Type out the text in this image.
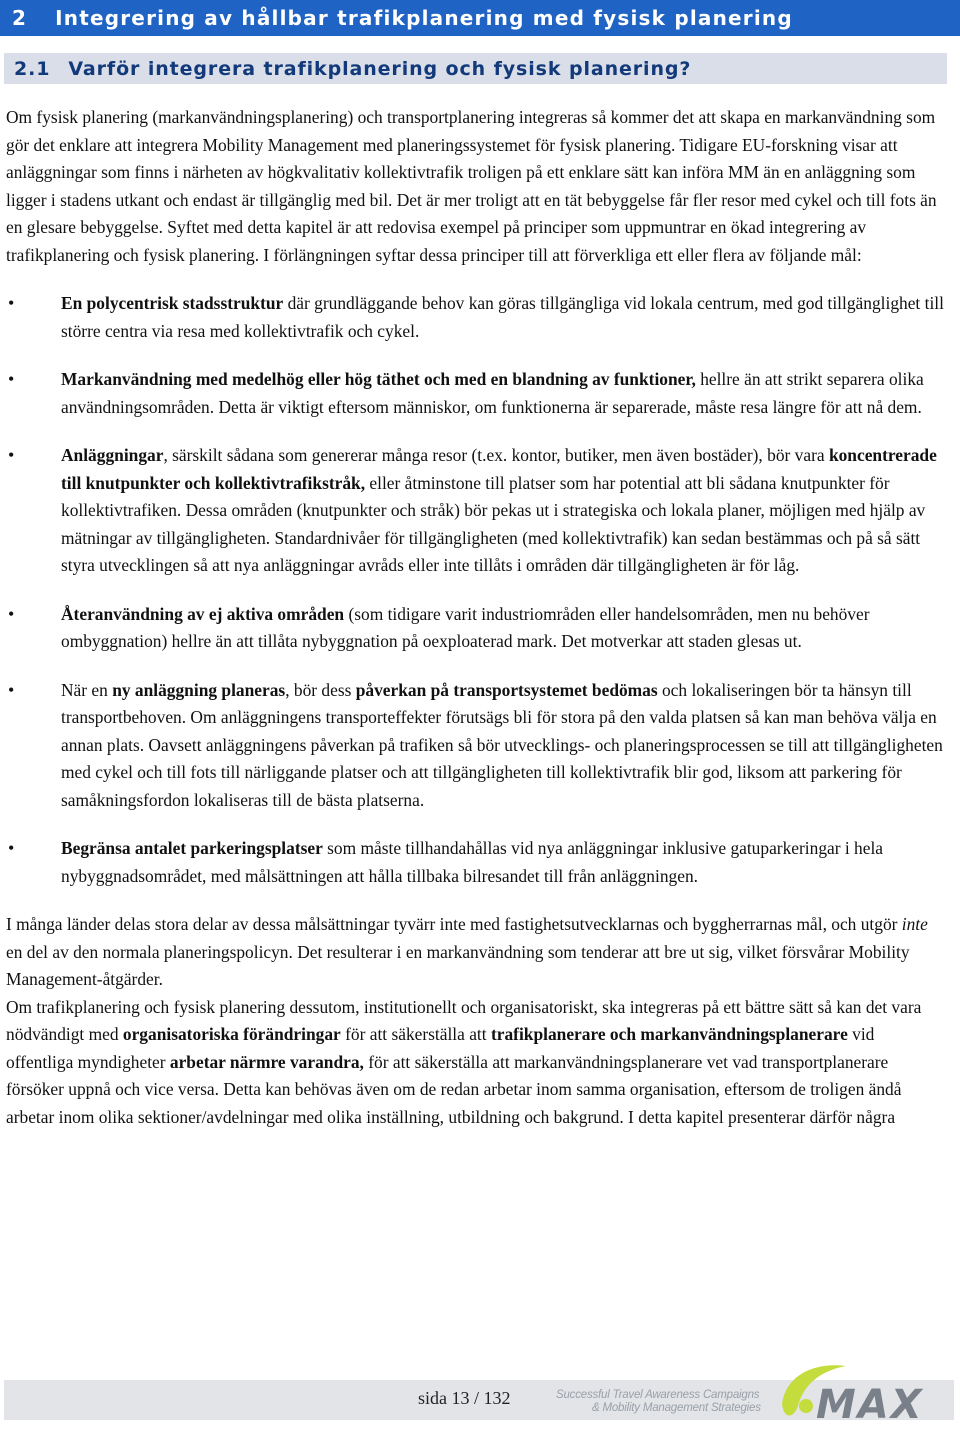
2 Integrering av hållbar trafikplanering med fysisk planering
2.1 Varför integrera trafikplanering och fysisk planering?

Om fysisk planering (markanvändningsplanering) och transportplanering integreras så kommer det att skapa en markanvändning som gör det enklare att integrera Mobility Management med planeringssystemet för fysisk planering. Tidigare EU-forskning visar att anläggningar som finns i närheten av högkvalitativ kollektivtrafik troligen på ett enklare sätt kan införa MM än en anläggning som ligger i stadens utkant och endast är tillgänglig med bil. Det är mer troligt att en tät bebyggelse får fler resor med cykel och till fots än en glesare bebyggelse. Syftet med detta kapitel är att redovisa exempel på principer som uppmuntrar en ökad integrering av trafikplanering och fysisk planering. I förlängningen syftar dessa principer till att förverkliga ett eller flera av följande mål:

•	En polycentrisk stadsstruktur där grundläggande behov kan göras tillgängliga vid lokala centrum, med god tillgänglighet till större centra via resa med kollektivtrafik och cykel.
•	Markanvändning med medelhög eller hög täthet och med en blandning av funktioner, hellre än att strikt separera olika användningsområden. Detta är viktigt eftersom människor, om funktionerna är separerade, måste resa längre för att nå dem.
•	Anläggningar, särskilt sådana som genererar många resor (t.ex. kontor, butiker, men även bostäder), bör vara koncentrerade till knutpunkter och kollektivtrafikstråk, eller åtminstone till platser som har potential att bli sådana knutpunkter för kollektivtrafiken. Dessa områden (knutpunkter och stråk) bör pekas ut i strategiska och lokala planer, möjligen med hjälp av mätningar av tillgängligheten. Standardnivåer för tillgängligheten (med kollektivtrafik) kan sedan bestämmas och på så sätt styra utvecklingen så att nya anläggningar avråds eller inte tillåts i områden där tillgängligheten är för låg.
•	Återanvändning av ej aktiva områden (som tidigare varit industriområden eller handelsområden, men nu behöver ombyggnation) hellre än att tillåta nybyggnation på oexploaterad mark. Det motverkar att staden glesas ut.
•	När en ny anläggning planeras, bör dess påverkan på transportsystemet bedömas och lokaliseringen bör ta hänsyn till transportbehoven. Om anläggningens transporteffekter förutsägs bli för stora på den valda platsen så kan man behöva välja en annan plats. Oavsett anläggningens påverkan på trafiken så bör utvecklings- och planeringsprocessen se till att tillgängligheten med cykel och till fots till närliggande platser och att tillgängligheten till kollektivtrafik blir god, liksom att parkering för samåkningsfordon lokaliseras till de bästa platserna.
•	Begränsa antalet parkeringsplatser som måste tillhandahållas vid nya anläggningar inklusive gatuparkeringar i hela nybyggnadsområdet, med målsättningen att hålla tillbaka bilresandet till från anläggningen.

I många länder delas stora delar av dessa målsättningar tyvärr inte med fastighetsutvecklarnas och byggherrarnas mål, och utgör inte en del av den normala planeringspolicyn. Det resulterar i en markanvändning som tenderar att bre ut sig, vilket försvårar Mobility Management-åtgärder.

Om trafikplanering och fysisk planering dessutom, institutionellt och organisatoriskt, ska integreras på ett bättre sätt så kan det vara nödvändigt med organisatoriska förändringar för att säkerställa att trafikplanerare och markanvändningsplanerare vid offentliga myndigheter arbetar närmre varandra, för att säkerställa att markanvändningsplanerare vet vad transportplanerare försöker uppnå och vice versa. Detta kan behövas även om de redan arbetar inom samma organisation, eftersom de troligen ändå arbetar inom olika sektioner/avdelningar med olika inställning, utbildning och bakgrund. I detta kapitel presenterar därför några

sida 13 / 132	Successful Travel Awareness Campaigns
& Mobility Management Strategies MAX
